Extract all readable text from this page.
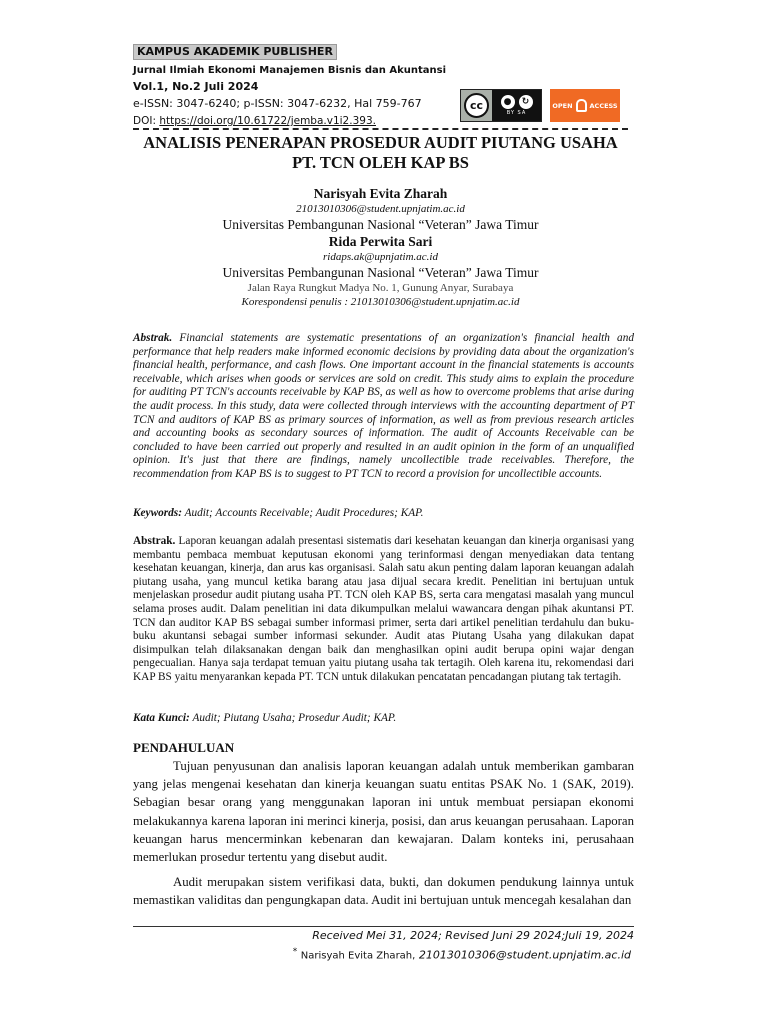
KAMPUS AKADEMIK PUBLISHER
Jurnal Ilmiah Ekonomi Manajemen Bisnis dan Akuntansi
Vol.1, No.2 Juli 2024
e-ISSN: 3047-6240; p-ISSN: 3047-6232, Hal 759-767
DOI: https://doi.org/10.61722/jemba.v1i2.393.
cc	●	↻
BY SA
OPEN	ACCESS
ANALISIS PENERAPAN PROSEDUR AUDIT PIUTANG USAHA
PT. TCN OLEH KAP BS
Narisyah Evita Zharah
21013010306@student.upnjatim.ac.id
Universitas Pembangunan Nasional “Veteran” Jawa Timur
Rida Perwita Sari
ridaps.ak@upnjatim.ac.id
Universitas Pembangunan Nasional “Veteran” Jawa Timur
Jalan Raya Rungkut Madya No. 1, Gunung Anyar, Surabaya
Korespondensi penulis : 21013010306@student.upnjatim.ac.id
Abstrak. Financial statements are systematic presentations of an organization's financial health and performance that help readers make informed economic decisions by providing data about the organization's financial health, performance, and cash flows. One important account in the financial statements is accounts receivable, which arises when goods or services are sold on credit. This study aims to explain the procedure for auditing PT TCN's accounts receivable by KAP BS, as well as how to overcome problems that arise during the audit process. In this study, data were collected through interviews with the accounting department of PT TCN and auditors of KAP BS as primary sources of information, as well as from previous research articles and accounting books as secondary sources of information. The audit of Accounts Receivable can be concluded to have been carried out properly and resulted in an audit opinion in the form of an unqualified opinion. It's just that there are findings, namely uncollectible trade receivables. Therefore, the recommendation from KAP BS is to suggest to PT TCN to record a provision for uncollectible accounts.
Keywords: Audit; Accounts Receivable; Audit Procedures; KAP.
Abstrak. Laporan keuangan adalah presentasi sistematis dari kesehatan keuangan dan kinerja organisasi yang membantu pembaca membuat keputusan ekonomi yang terinformasi dengan menyediakan data tentang kesehatan keuangan, kinerja, dan arus kas organisasi. Salah satu akun penting dalam laporan keuangan adalah piutang usaha, yang muncul ketika barang atau jasa dijual secara kredit. Penelitian ini bertujuan untuk menjelaskan prosedur audit piutang usaha PT. TCN oleh KAP BS, serta cara mengatasi masalah yang muncul selama proses audit. Dalam penelitian ini data dikumpulkan melalui wawancara dengan pihak akuntansi PT. TCN dan auditor KAP BS sebagai sumber informasi primer, serta dari artikel penelitian terdahulu dan buku-buku akuntansi sebagai sumber informasi sekunder. Audit atas Piutang Usaha yang dilakukan dapat disimpulkan telah dilaksanakan dengan baik dan menghasilkan opini audit berupa opini wajar dengan pengecualian. Hanya saja terdapat temuan yaitu piutang usaha tak tertagih. Oleh karena itu, rekomendasi dari KAP BS yaitu menyarankan kepada PT. TCN untuk dilakukan pencatatan pencadangan piutang tak tertagih.
Kata Kunci: Audit; Piutang Usaha; Prosedur Audit; KAP.
PENDAHULUAN

Tujuan penyusunan dan analisis laporan keuangan adalah untuk memberikan gambaran yang jelas mengenai kesehatan dan kinerja keuangan suatu entitas PSAK No. 1 (SAK, 2019). Sebagian besar orang yang menggunakan laporan ini untuk membuat persiapan ekonomi melakukannya karena laporan ini merinci kinerja, posisi, dan arus keuangan perusahaan. Laporan keuangan harus mencerminkan kebenaran dan kewajaran. Dalam konteks ini, perusahaan memerlukan prosedur tertentu yang disebut audit.

Audit merupakan sistem verifikasi data, bukti, dan dokumen pendukung lainnya untuk memastikan validitas dan pengungkapan data. Audit ini bertujuan untuk mencegah kesalahan dan

Received Mei 31, 2024; Revised Juni 29 2024;Juli 19, 2024
* Narisyah Evita Zharah, 21013010306@student.upnjatim.ac.id
